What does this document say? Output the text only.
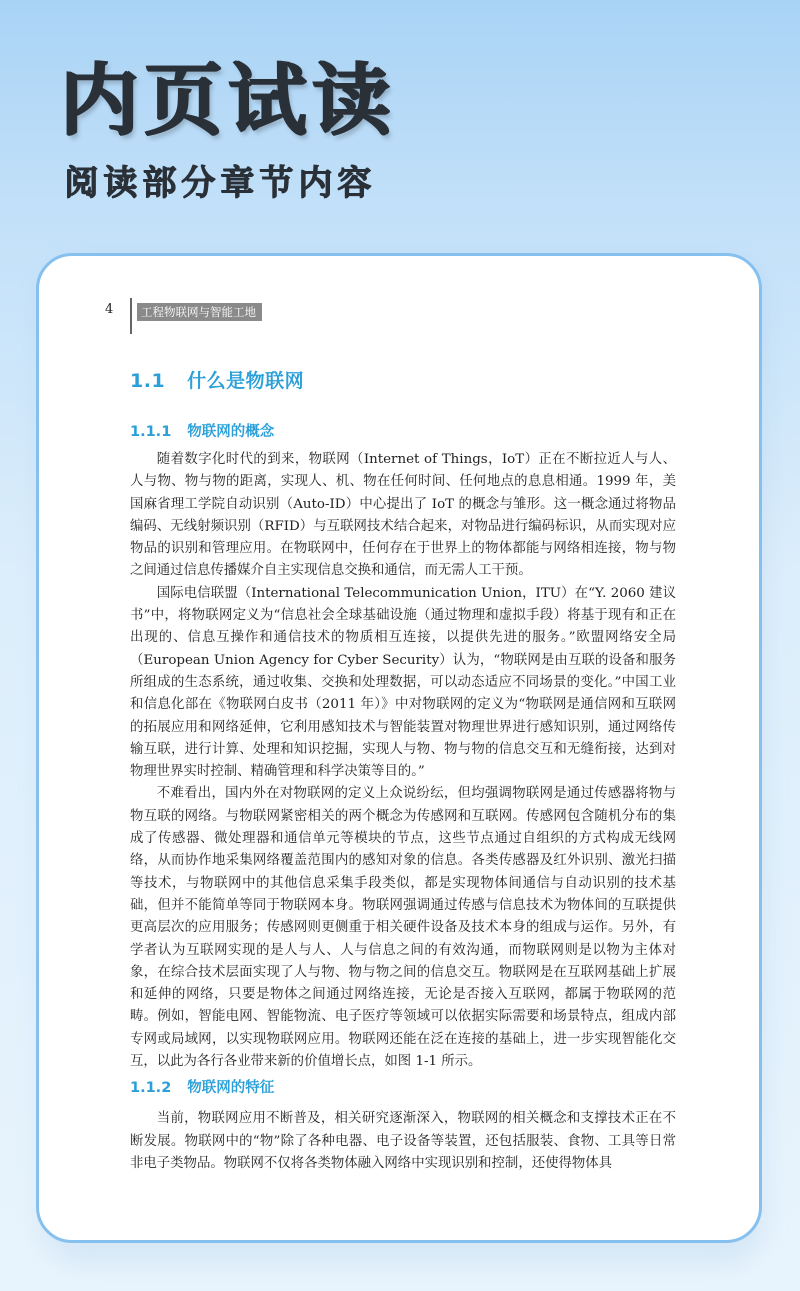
内页试读
阅读部分章节内容
4	工程物联网与智能工地
1.1 什么是物联网
1.1.1 物联网的概念

随着数字化时代的到来，物联网（Internet of Things，IoT）正在不断拉近人与人、人与物、物与物的距离，实现人、机、物在任何时间、任何地点的息息相通。1999 年，美国麻省理工学院自动识别（Auto-ID）中心提出了 IoT 的概念与雏形。这一概念通过将物品编码、无线射频识别（RFID）与互联网技术结合起来，对物品进行编码标识，从而实现对应物品的识别和管理应用。在物联网中，任何存在于世界上的物体都能与网络相连接，物与物之间通过信息传播媒介自主实现信息交换和通信，而无需人工干预。

国际电信联盟（International Telecommunication Union，ITU）在“Y. 2060 建议书”中，将物联网定义为“信息社会全球基础设施（通过物理和虚拟手段）将基于现有和正在出现的、信息互操作和通信技术的物质相互连接，以提供先进的服务。”欧盟网络安全局（European Union Agency for Cyber Security）认为，“物联网是由互联的设备和服务所组成的生态系统，通过收集、交换和处理数据，可以动态适应不同场景的变化。”中国工业和信息化部在《物联网白皮书（2011 年）》中对物联网的定义为“物联网是通信网和互联网的拓展应用和网络延伸，它利用感知技术与智能装置对物理世界进行感知识别，通过网络传输互联，进行计算、处理和知识挖掘，实现人与物、物与物的信息交互和无缝衔接，达到对物理世界实时控制、精确管理和科学决策等目的。”

不难看出，国内外在对物联网的定义上众说纷纭，但均强调物联网是通过传感器将物与物互联的网络。与物联网紧密相关的两个概念为传感网和互联网。传感网包含随机分布的集成了传感器、微处理器和通信单元等模块的节点，这些节点通过自组织的方式构成无线网络，从而协作地采集网络覆盖范围内的感知对象的信息。各类传感器及红外识别、激光扫描等技术，与物联网中的其他信息采集手段类似，都是实现物体间通信与自动识别的技术基础，但并不能简单等同于物联网本身。物联网强调通过传感与信息技术为物体间的互联提供更高层次的应用服务；传感网则更侧重于相关硬件设备及技术本身的组成与运作。另外，有学者认为互联网实现的是人与人、人与信息之间的有效沟通，而物联网则是以物为主体对象，在综合技术层面实现了人与物、物与物之间的信息交互。物联网是在互联网基础上扩展和延伸的网络，只要是物体之间通过网络连接，无论是否接入互联网，都属于物联网的范畴。例如，智能电网、智能物流、电子医疗等领域可以依据实际需要和场景特点，组成内部专网或局域网，以实现物联网应用。物联网还能在泛在连接的基础上，进一步实现智能化交互，以此为各行各业带来新的价值增长点，如图 1-1 所示。

1.1.2 物联网的特征

当前，物联网应用不断普及，相关研究逐渐深入，物联网的相关概念和支撑技术正在不断发展。物联网中的“物”除了各种电器、电子设备等装置，还包括服装、食物、工具等日常非电子类物品。物联网不仅将各类物体融入网络中实现识别和控制，还使得物体具
